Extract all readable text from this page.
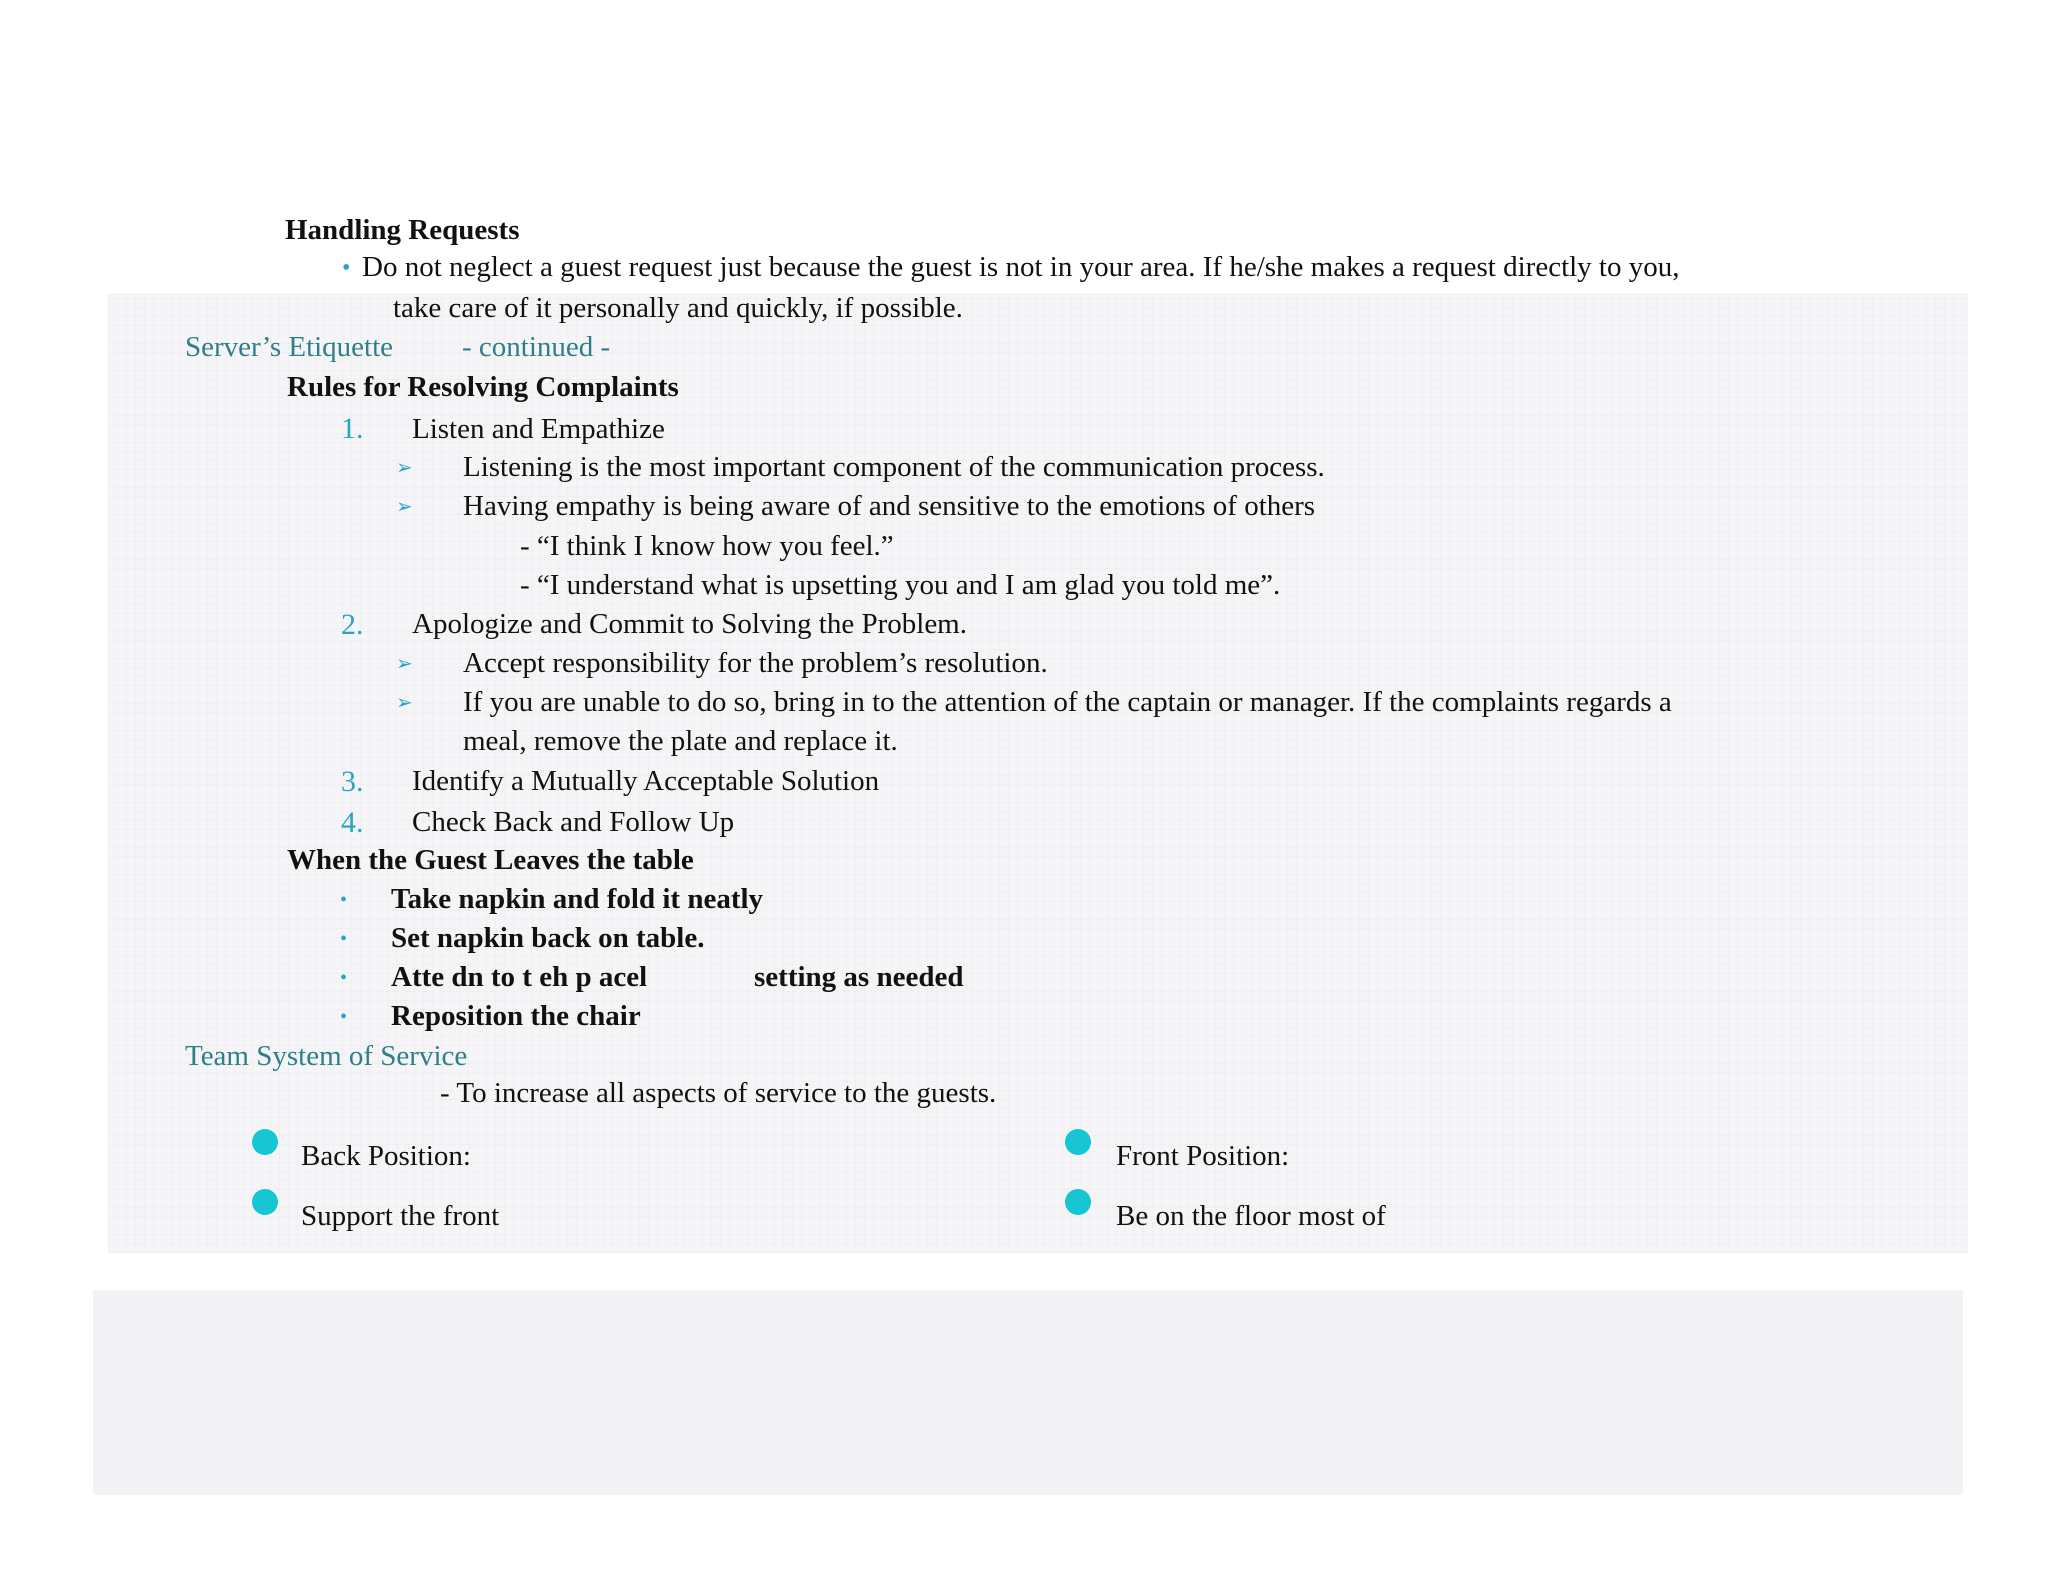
Handling Requests
• Do not neglect a guest request just because the guest is not in your area. If he/she makes a request directly to you,
take care of it personally and quickly, if possible.
Server’s Etiquette - continued -
Rules for Resolving Complaints
1. Listen and Empathize
➢ Listening is the most important component of the communication process.
➢ Having empathy is being aware of and sensitive to the emotions of others
- “I think I know how you feel.”
- “I understand what is upsetting you and I am glad you told me”.
2. Apologize and Commit to Solving the Problem.
➢ Accept responsibility for the problem’s resolution.
➢ If you are unable to do so, bring in to the attention of the captain or manager. If the complaints regards a
meal, remove the plate and replace it.
3. Identify a Mutually Acceptable Solution
4. Check Back and Follow Up
When the Guest Leaves the table
• Take napkin and fold it neatly
• Set napkin back on table.
• Atte dn to t eh p acel	setting as needed
• Reposition the chair
Team System of Service
- To increase all aspects of service to the guests.
Back Position:
Support the front
Front Position:
Be on the floor most of
